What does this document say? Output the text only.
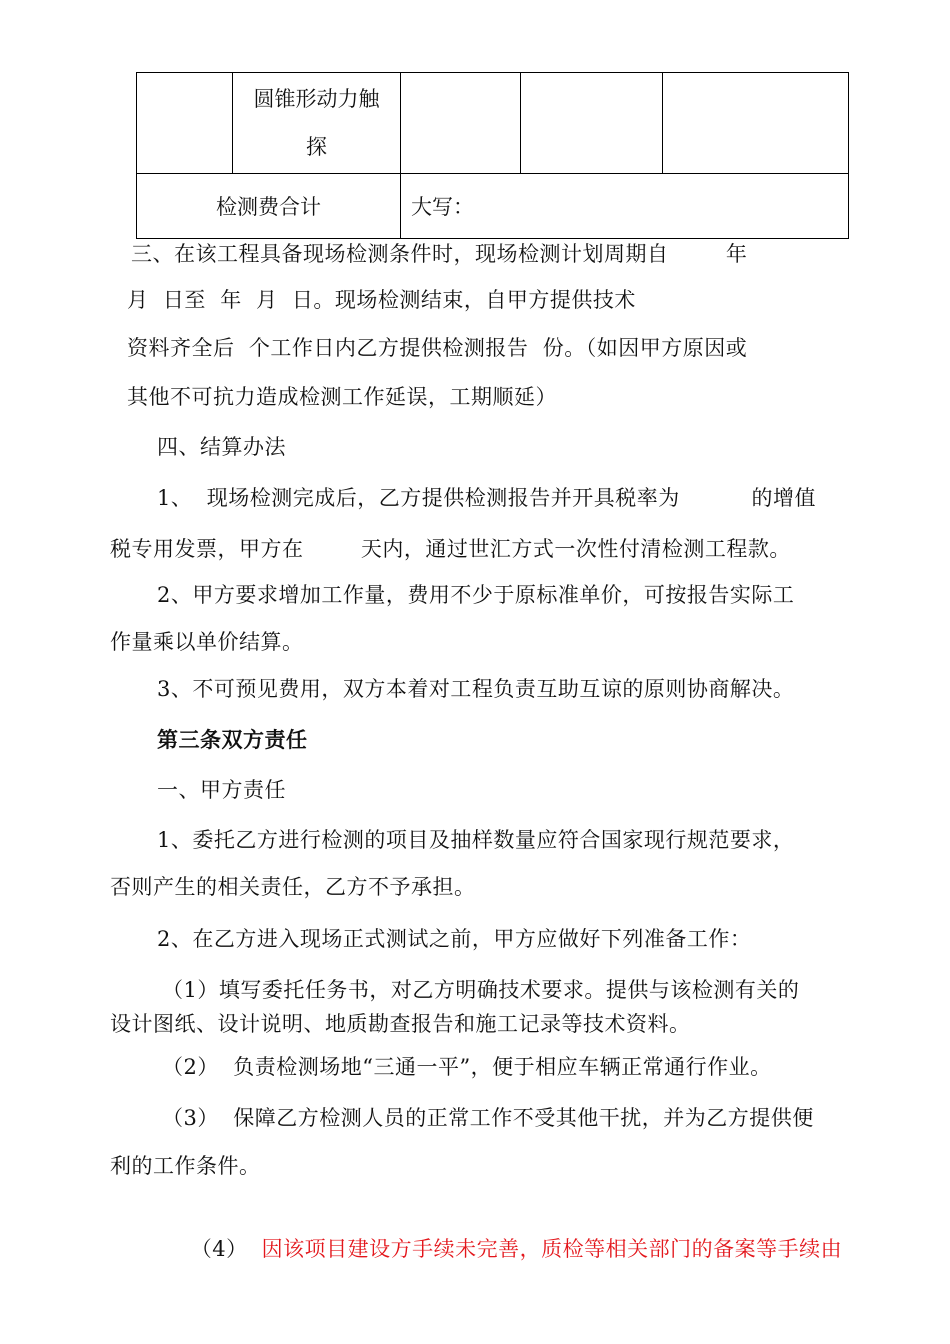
	圆锥形动力触
探			

检测费合计		大写：		
三、在该工程具备现场检测条件时，现场检测计划周期自        年
月  日至  年  月  日。现场检测结束，自甲方提供技术
资料齐全后  个工作日内乙方提供检测报告  份。（如因甲方原因或
其他不可抗力造成检测工作延误，工期顺延）
四、结算办法
1、  现场检测完成后，乙方提供检测报告并开具税率为          的增值
税专用发票，甲方在        天内，通过世汇方式一次性付清检测工程款。
2、甲方要求增加工作量，费用不少于原标准单价，可按报告实际工
作量乘以单价结算。
3、不可预见费用，双方本着对工程负责互助互谅的原则协商解决。
第三条双方责任
一、甲方责任
1、委托乙方进行检测的项目及抽样数量应符合国家现行规范要求，
否则产生的相关责任，乙方不予承担。
2、在乙方进入现场正式测试之前，甲方应做好下列准备工作：
（1）填写委托任务书，对乙方明确技术要求。提供与该检测有关的
设计图纸、设计说明、地质勘查报告和施工记录等技术资料。
（2）  负责检测场地“三通一平”，便于相应车辆正常通行作业。
（3）  保障乙方检测人员的正常工作不受其他干扰，并为乙方提供便
利的工作条件。

（4） 因该项目建设方手续未完善，质检等相关部门的备案等手续由
